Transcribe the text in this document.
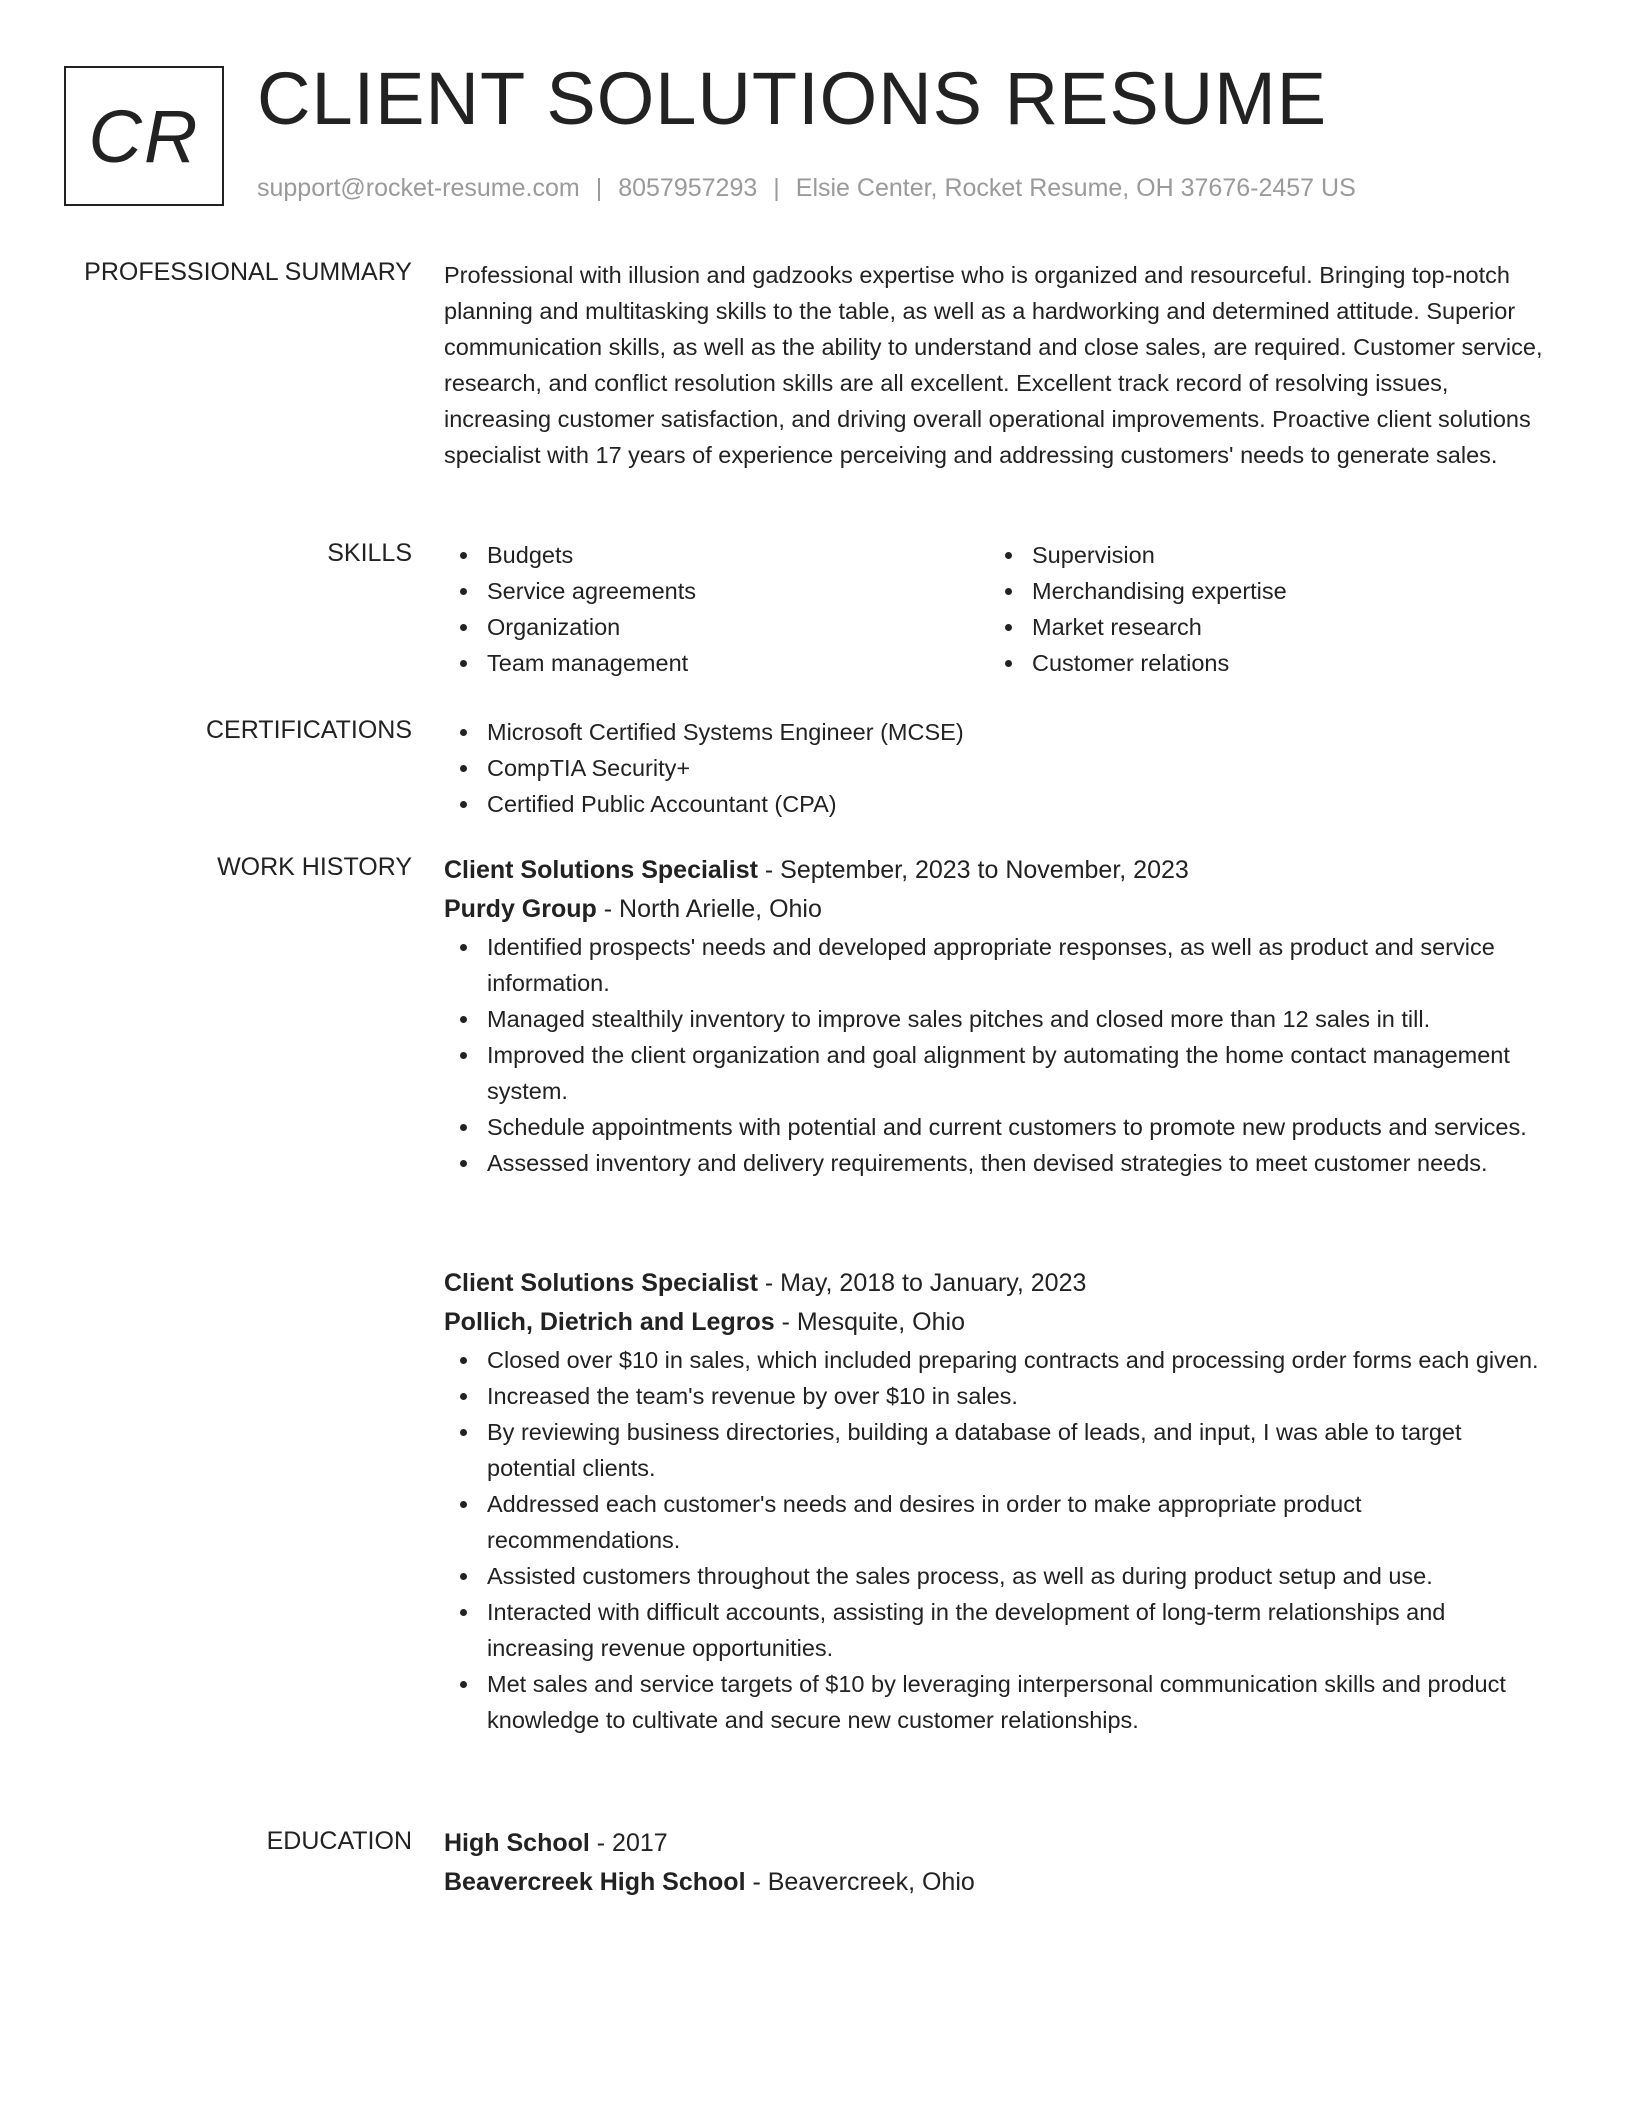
CR CLIENT SOLUTIONS RESUME
support@rocket-resume.com | 8057957293 | Elsie Center, Rocket Resume, OH 37676-2457 US
PROFESSIONAL SUMMARY Professional with illusion and gadzooks expertise who is organized and resourceful. Bringing top-notch planning and multitasking skills to the table, as well as a hardworking and determined attitude. Superior communication skills, as well as the ability to understand and close sales, are required. Customer service, research, and conflict resolution skills are all excellent. Excellent track record of resolving issues, increasing customer satisfaction, and driving overall operational improvements. Proactive client solutions specialist with 17 years of experience perceiving and addressing customers' needs to generate sales.

SKILLS	Budgets
Service agreements
Organization
Team management
Supervision
Merchandising expertise
Market research
Customer relations
CERTIFICATIONS	Microsoft Certified Systems Engineer (MCSE)
CompTIA Security+
Certified Public Accountant (CPA)
WORK HISTORY Client Solutions Specialist - September, 2023 to November, 2023
Purdy Group - North Arielle, Ohio
Identified prospects' needs and developed appropriate responses, as well as product and service information.
Managed stealthily inventory to improve sales pitches and closed more than 12 sales in till.
Improved the client organization and goal alignment by automating the home contact management system.
Schedule appointments with potential and current customers to promote new products and services.
Assessed inventory and delivery requirements, then devised strategies to meet customer needs.
Client Solutions Specialist - May, 2018 to January, 2023
Pollich, Dietrich and Legros - Mesquite, Ohio
Closed over $10 in sales, which included preparing contracts and processing order forms each given.
Increased the team's revenue by over $10 in sales.
By reviewing business directories, building a database of leads, and input, I was able to target potential clients.
Addressed each customer's needs and desires in order to make appropriate product recommendations.
Assisted customers throughout the sales process, as well as during product setup and use.
Interacted with difficult accounts, assisting in the development of long-term relationships and increasing revenue opportunities.
Met sales and service targets of $10 by leveraging interpersonal communication skills and product knowledge to cultivate and secure new customer relationships.
EDUCATION High School - 2017
Beavercreek High School - Beavercreek, Ohio
